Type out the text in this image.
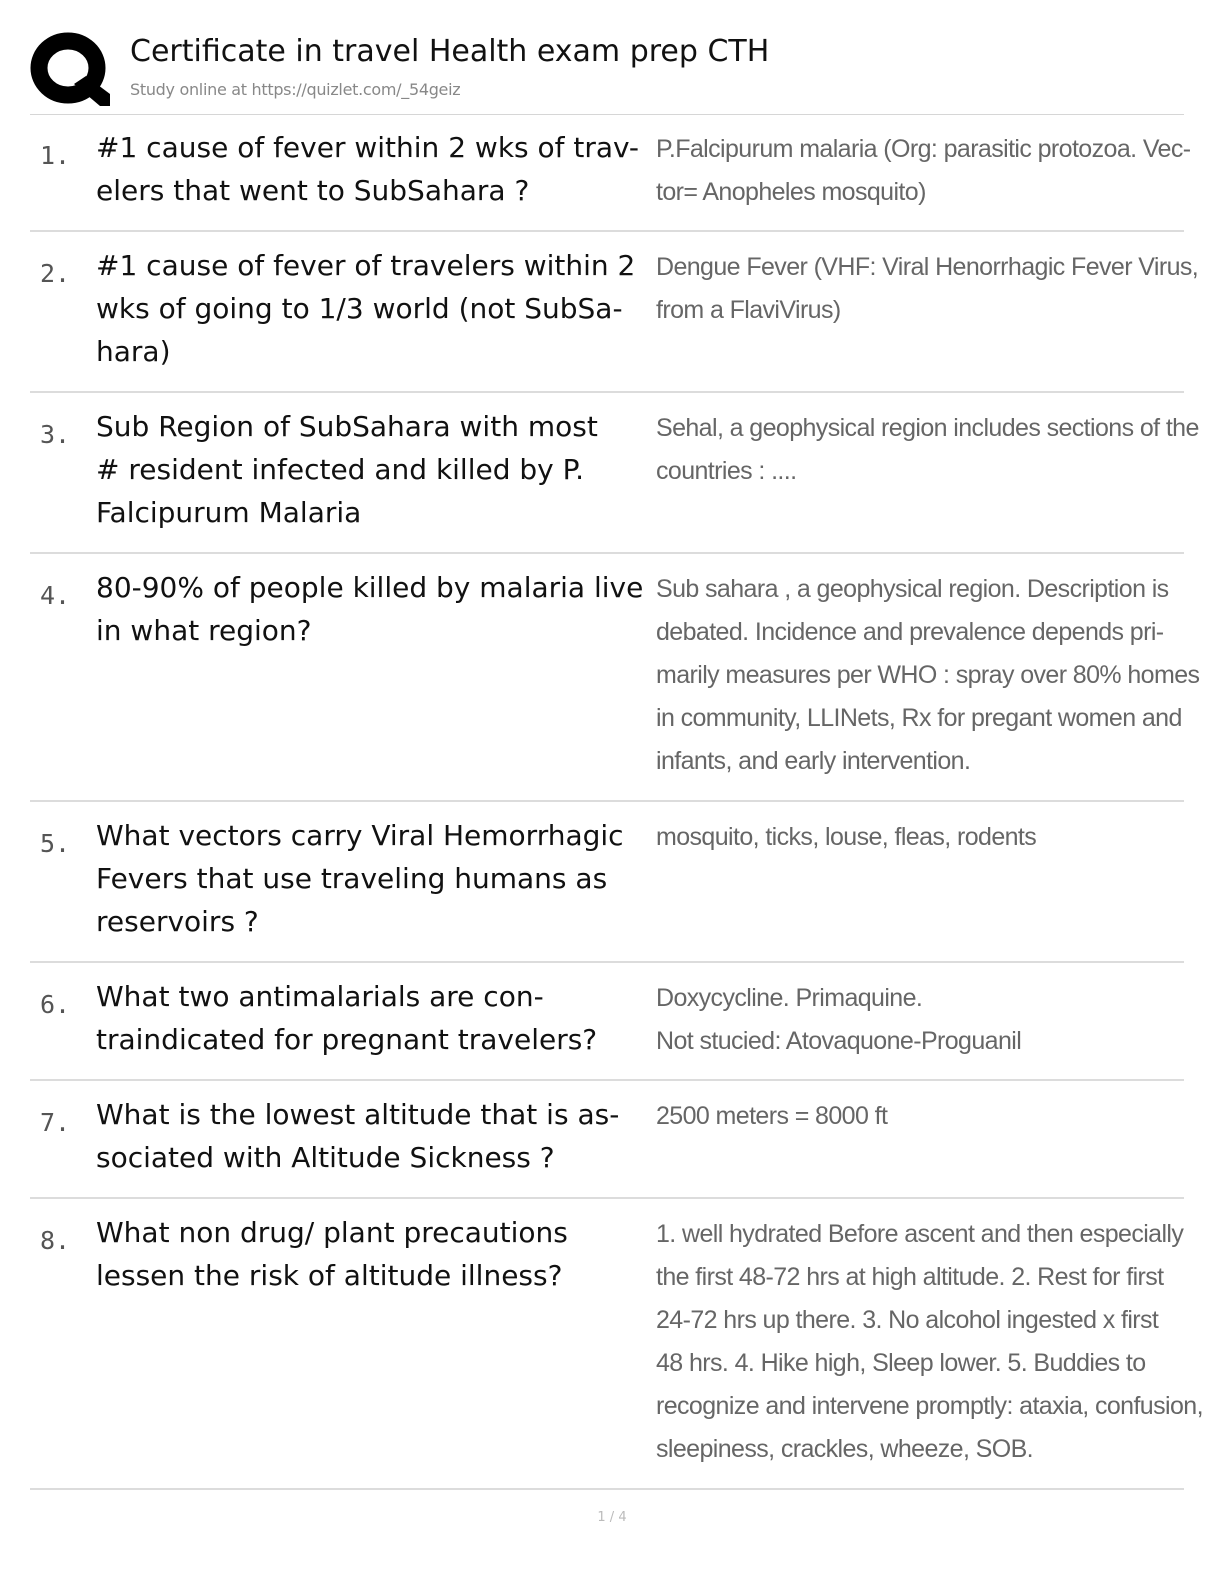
Certificate in travel Health exam prep CTH
Study online at https://quizlet.com/_54geiz
1. #1 cause of fever within 2 wks of trav-
elers that went to SubSahara ?
P.Falcipurum malaria (Org: parasitic protozoa. Vec-
tor= Anopheles mosquito)
2. #1 cause of fever of travelers within 2
wks of going to 1/3 world (not SubSa-
hara)
Dengue Fever (VHF: Viral Henorrhagic Fever Virus,
from a FlaviVirus)
3. Sub Region of SubSahara with most
# resident infected and killed by P.
Falcipurum Malaria
Sehal, a geophysical region includes sections of the
countries : ....
4. 80-90% of people killed by malaria live
in what region?
Sub sahara , a geophysical region. Description is
debated. Incidence and prevalence depends pri-
marily measures per WHO : spray over 80% homes
in community, LLINets, Rx for pregant women and
infants, and early intervention.
5. What vectors carry Viral Hemorrhagic
Fevers that use traveling humans as
reservoirs ?
mosquito, ticks, louse, fleas, rodents
6. What two antimalarials are con-
traindicated for pregnant travelers?
Doxycycline. Primaquine.
Not stucied: Atovaquone-Proguanil
7. What is the lowest altitude that is as-
sociated with Altitude Sickness ?
2500 meters = 8000 ft
8. What non drug/ plant precautions
lessen the risk of altitude illness?
1. well hydrated Before ascent and then especially
the first 48-72 hrs at high altitude. 2. Rest for first
24-72 hrs up there. 3. No alcohol ingested x first
48 hrs. 4. Hike high, Sleep lower. 5. Buddies to
recognize and intervene promptly: ataxia, confusion,
sleepiness, crackles, wheeze, SOB.
1 / 4
